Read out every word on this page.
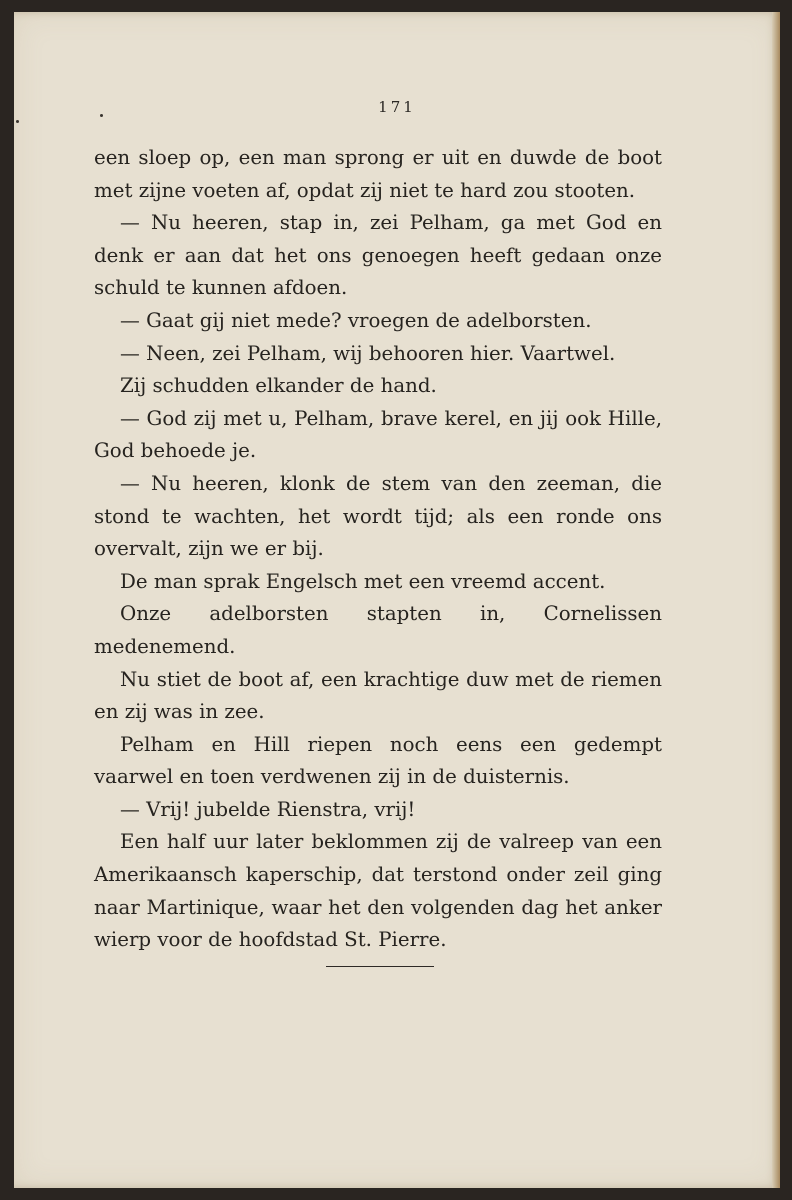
171

een sloep op, een man sprong er uit en duwde de boot met zijne voeten af, opdat zij niet te hard zou stooten.

— Nu heeren, stap in, zei Pelham, ga met God en denk er aan dat het ons genoegen heeft gedaan onze schuld te kunnen afdoen.

— Gaat gij niet mede? vroegen de adelborsten.

— Neen, zei Pelham, wij behooren hier. Vaartwel.

Zij schudden elkander de hand.

— God zij met u, Pelham, brave kerel, en jij ook Hille, God behoede je.

— Nu heeren, klonk de stem van den zeeman, die stond te wachten, het wordt tijd; als een ronde ons overvalt, zijn we er bij.

De man sprak Engelsch met een vreemd accent.

Onze adelborsten stapten in, Cornelissen medenemend.

Nu stiet de boot af, een krachtige duw met de riemen en zij was in zee.

Pelham en Hill riepen noch eens een gedempt vaarwel en toen verdwenen zij in de duisternis.

— Vrij! jubelde Rienstra, vrij!

Een half uur later beklommen zij de valreep van een Amerikaansch kaperschip, dat terstond onder zeil ging naar Martinique, waar het den volgenden dag het anker wierp voor de hoofdstad St. Pierre.
